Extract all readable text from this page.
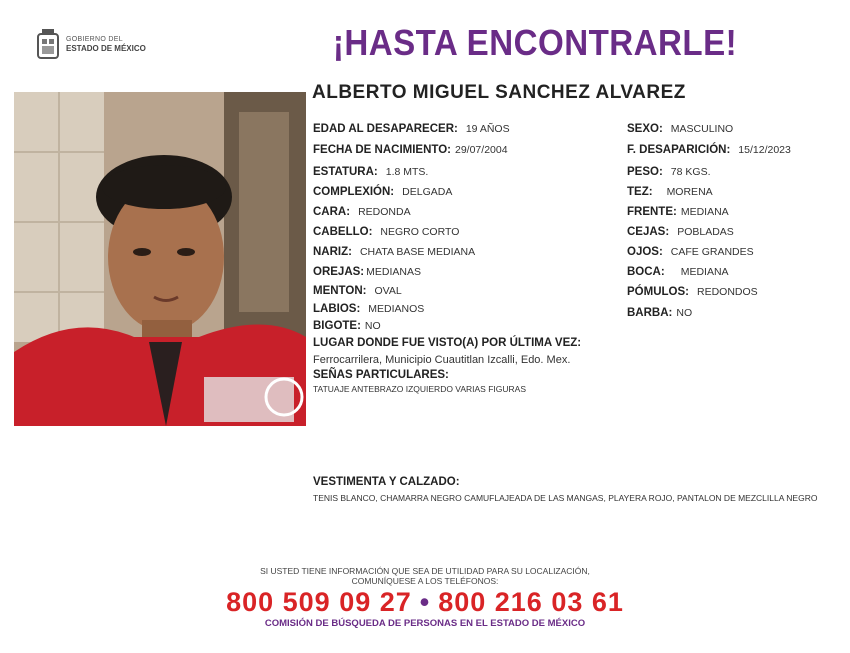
GOBIERNO DEL
ESTADO DE MÉXICO	¡HASTA ENCONTRARLE!
ALBERTO MIGUEL SANCHEZ ALVAREZ
EDAD AL DESAPARECER: 19 AÑOS
FECHA DE NACIMIENTO: 29/07/2004
ESTATURA: 1.8 MTS.
COMPLEXIÓN: DELGADA
CARA: REDONDA
CABELLO: NEGRO CORTO
NARIZ: CHATA BASE MEDIANA
OREJAS: MEDIANAS
MENTON: OVAL
LABIOS: MEDIANOS
BIGOTE: NO
SEXO: MASCULINO
F. DESAPARICIÓN: 15/12/2023
PESO: 78 KGS.
TEZ: MORENA
FRENTE: MEDIANA
CEJAS: POBLADAS
OJOS: CAFE GRANDES
BOCA: MEDIANA
PÓMULOS: REDONDOS
BARBA: NO
LUGAR DONDE FUE VISTO(A) POR ÚLTIMA VEZ:
Ferrocarrilera, Municipio Cuautitlan Izcalli, Edo. Mex.
SEÑAS PARTICULARES:
TATUAJE ANTEBRAZO IZQUIERDO VARIAS FIGURAS
VESTIMENTA Y CALZADO:
TENIS BLANCO, CHAMARRA NEGRO CAMUFLAJEADA DE LAS MANGAS, PLAYERA ROJO, PANTALON DE MEZCLILLA NEGRO
SI USTED TIENE INFORMACIÓN QUE SEA DE UTILIDAD PARA SU LOCALIZACIÓN,
COMUNÍQUESE A LOS TELÉFONOS:
800 509 09 27 • 800 216 03 61
COMISIÓN DE BÚSQUEDA DE PERSONAS EN EL ESTADO DE MÉXICO
